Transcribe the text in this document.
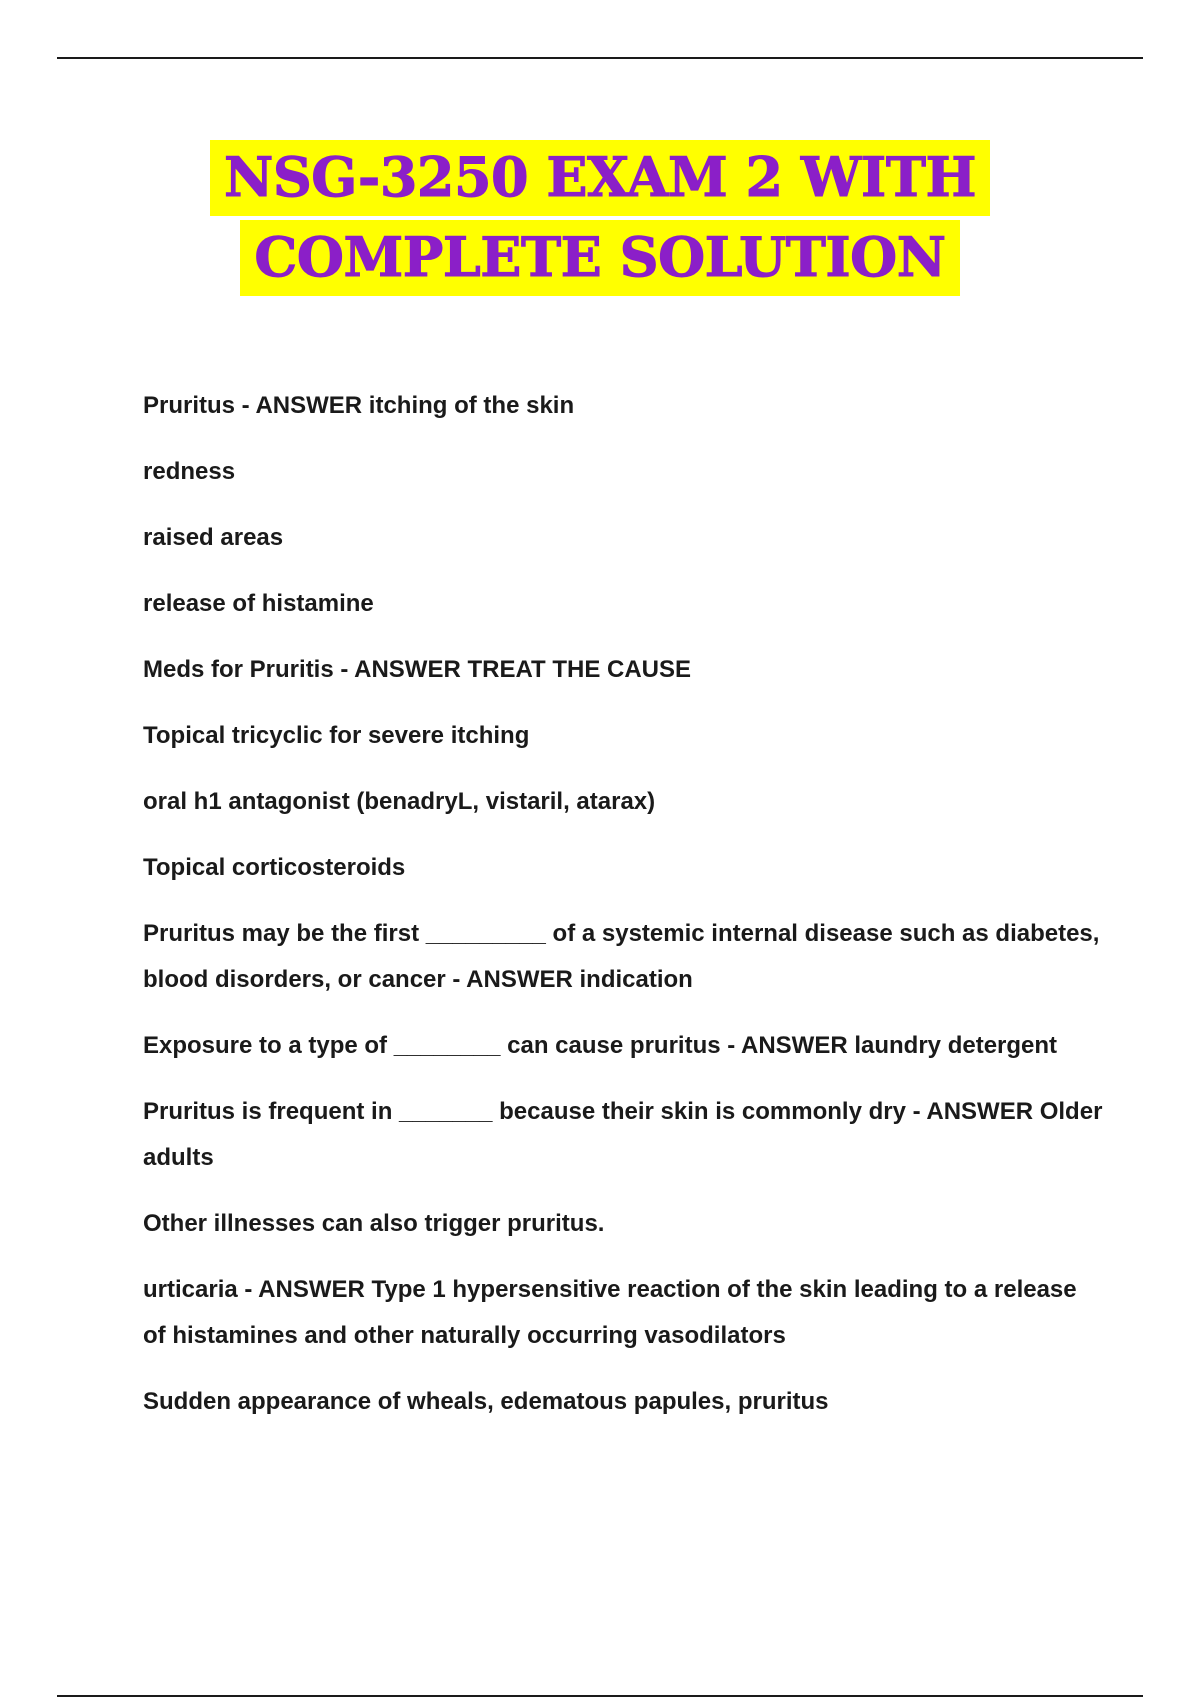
NSG-3250 EXAM 2 WITH
COMPLETE SOLUTION

Pruritus - ANSWER itching of the skin

redness

raised areas

release of histamine

Meds for Pruritis - ANSWER TREAT THE CAUSE

Topical tricyclic for severe itching

oral h1 antagonist (benadryL, vistaril, atarax)

Topical corticosteroids

Pruritus may be the first _________ of a systemic internal disease such as diabetes, blood disorders, or cancer - ANSWER indication

Exposure to a type of ________ can cause pruritus - ANSWER laundry detergent

Pruritus is frequent in _______ because their skin is commonly dry - ANSWER Older adults

Other illnesses can also trigger pruritus.

urticaria - ANSWER Type 1 hypersensitive reaction of the skin leading to a release of histamines and other naturally occurring vasodilators

Sudden appearance of wheals, edematous papules, pruritus
